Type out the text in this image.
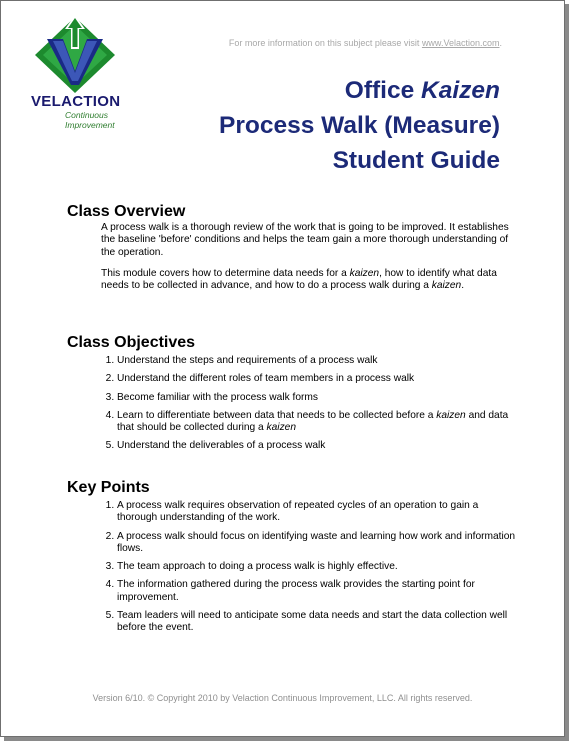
VELACTION
Continuous Improvement
For more information on this subject please visit www.Velaction.com.
Office Kaizen
Process Walk (Measure)
Student Guide
Class Overview

A process walk is a thorough review of the work that is going to be improved. It establishes the baseline 'before' conditions and helps the team gain a more thorough understanding of the operation.

This module covers how to determine data needs for a kaizen, how to identify what data needs to be collected in advance, and how to do a process walk during a kaizen.

Class Objectives
1. Understand the steps and requirements of a process walk
2. Understand the different roles of team members in a process walk
3. Become familiar with the process walk forms
4. Learn to differentiate between data that needs to be collected before a kaizen and data that should be collected during a kaizen
5. Understand the deliverables of a process walk
Key Points
1. A process walk requires observation of repeated cycles of an operation to gain a thorough understanding of the work.
2. A process walk should focus on identifying waste and learning how work and information flows.
3. The team approach to doing a process walk is highly effective.
4. The information gathered during the process walk provides the starting point for improvement.
5. Team leaders will need to anticipate some data needs and start the data collection well before the event.
Version 6/10. © Copyright 2010 by Velaction Continuous Improvement, LLC. All rights reserved.
